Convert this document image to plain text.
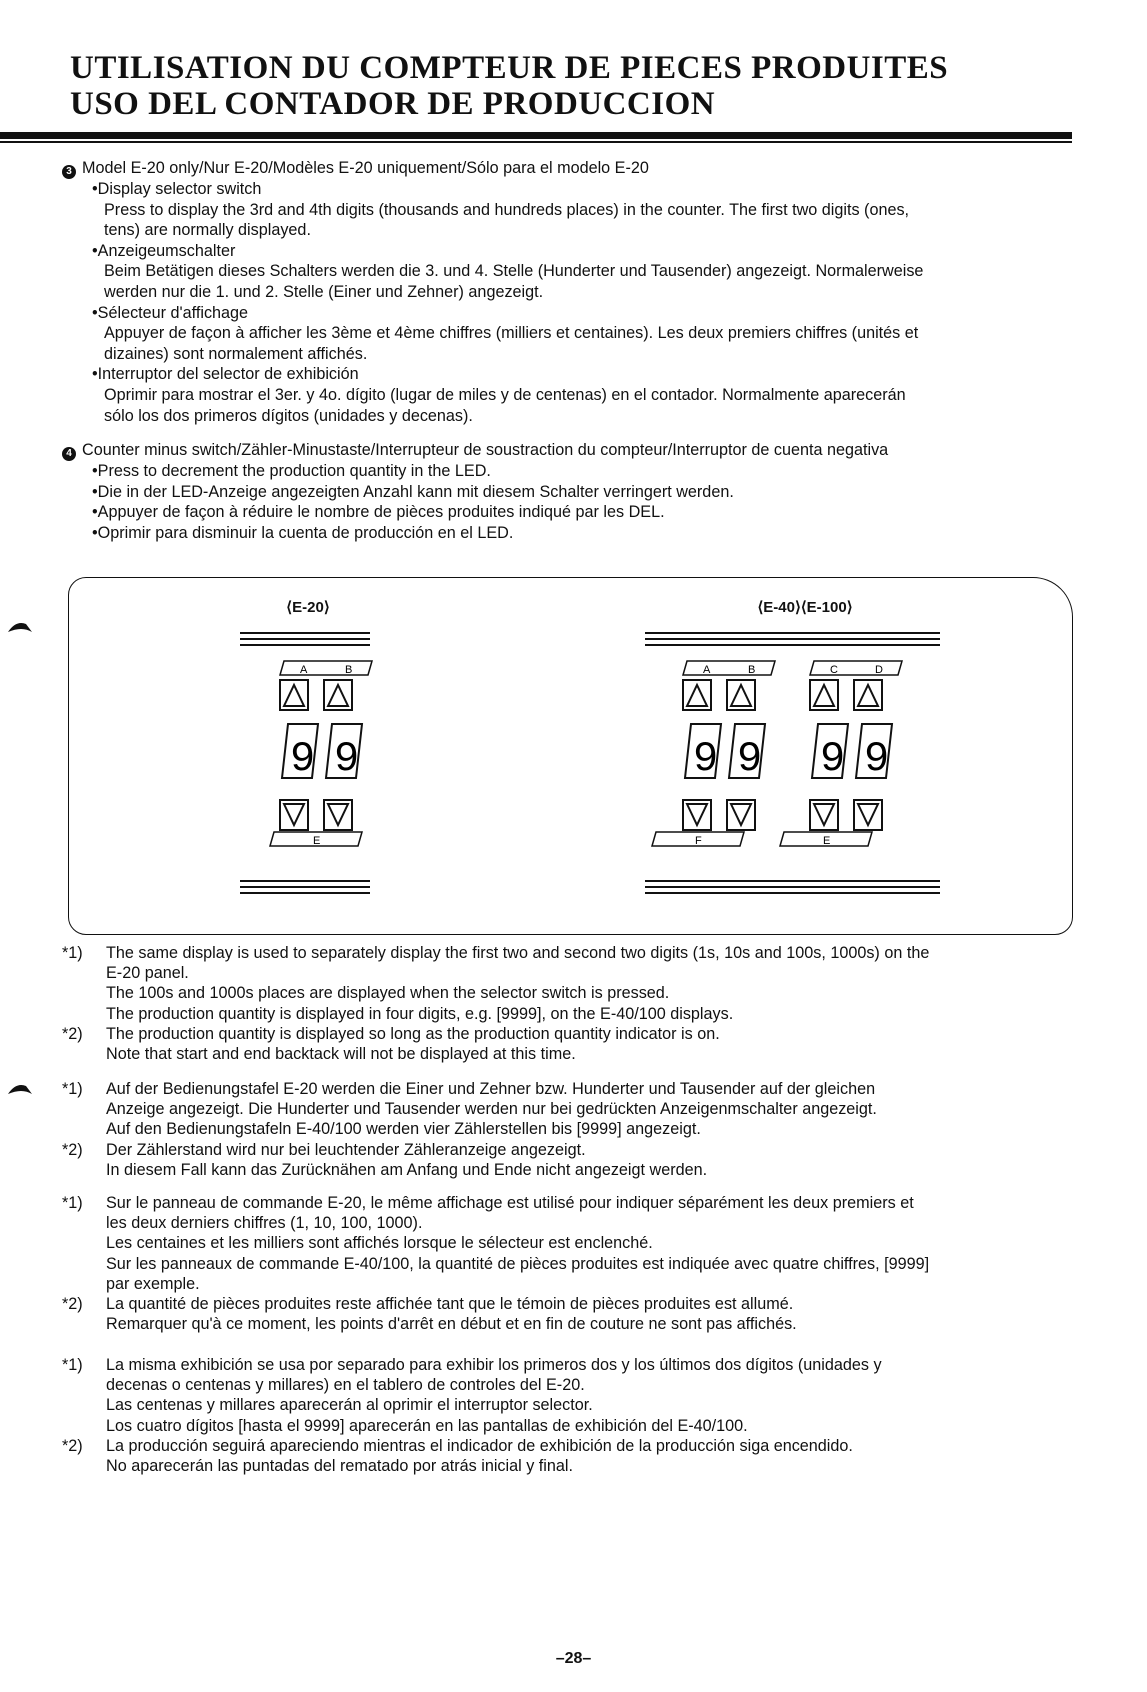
UTILISATION DU COMPTEUR DE PIECES PRODUITES
USO DEL CONTADOR DE PRODUCCION
3 Model E-20 only/Nur E-20/Modèles E-20 uniquement/Sólo para el modelo E-20
•Display selector switch
Press to display the 3rd and 4th digits (thousands and hundreds places) in the counter. The first two digits (ones,
tens) are normally displayed.
•Anzeigeumschalter
Beim Betätigen dieses Schalters werden die 3. und 4. Stelle (Hunderter und Tausender) angezeigt. Normalerweise
werden nur die 1. und 2. Stelle (Einer und Zehner) angezeigt.
•Sélecteur d'affichage
Appuyer de façon à afficher les 3ème et 4ème chiffres (milliers et centaines). Les deux premiers chiffres (unités et
dizaines) sont normalement affichés.
•Interruptor del selector de exhibición
Oprimir para mostrar el 3er. y 4o. dígito (lugar de miles y de centenas) en el contador. Normalmente aparecerán
sólo los dos primeros dígitos (unidades y decenas).
4 Counter minus switch/Zähler-Minustaste/Interrupteur de soustraction du compteur/Interruptor de cuenta negativa
•Press to decrement the production quantity in the LED.
•Die in der LED-Anzeige angezeigten Anzahl kann mit diesem Schalter verringert werden.
•Appuyer de façon à réduire le nombre de pièces produites indiqué par les DEL.
•Oprimir para disminuir la cuenta de producción en el LED.
⟨E-20⟩	⟨E-40⟩⟨E-100⟩
A	B	A	B	C	D
E	F	E
9 9	9 9 9 9
*1)	The same display is used to separately display the first two and second two digits (1s, 10s and 100s, 1000s) on the
E-20 panel.
The 100s and 1000s places are displayed when the selector switch is pressed.
The production quantity is displayed in four digits, e.g. [9999], on the E-40/100 displays.
*2)	The production quantity is displayed so long as the production quantity indicator is on.
Note that start and end backtack will not be displayed at this time.
*1)	Auf der Bedienungstafel E-20 werden die Einer und Zehner bzw. Hunderter und Tausender auf der gleichen
Anzeige angezeigt. Die Hunderter und Tausender werden nur bei gedrückten Anzeigenmschalter angezeigt.
Auf den Bedienungstafeln E-40/100 werden vier Zählerstellen bis [9999] angezeigt.
*2)	Der Zählerstand wird nur bei leuchtender Zähleranzeige angezeigt.
In diesem Fall kann das Zurücknähen am Anfang und Ende nicht angezeigt werden.
*1)	Sur le panneau de commande E-20, le même affichage est utilisé pour indiquer séparément les deux premiers et
les deux derniers chiffres (1, 10, 100, 1000).
Les centaines et les milliers sont affichés lorsque le sélecteur est enclenché.
Sur les panneaux de commande E-40/100, la quantité de pièces produites est indiquée avec quatre chiffres, [9999]
par exemple.
*2)	La quantité de pièces produites reste affichée tant que le témoin de pièces produites est allumé.
Remarquer qu'à ce moment, les points d'arrêt en début et en fin de couture ne sont pas affichés.
*1)	La misma exhibición se usa por separado para exhibir los primeros dos y los últimos dos dígitos (unidades y
decenas o centenas y millares) en el tablero de controles del E-20.
Las centenas y millares aparecerán al oprimir el interruptor selector.
Los cuatro dígitos [hasta el 9999] aparecerán en las pantallas de exhibición del E-40/100.
*2)	La producción seguirá apareciendo mientras el indicador de exhibición de la producción siga encendido.
No aparecerán las puntadas del rematado por atrás inicial y final.
–28–
